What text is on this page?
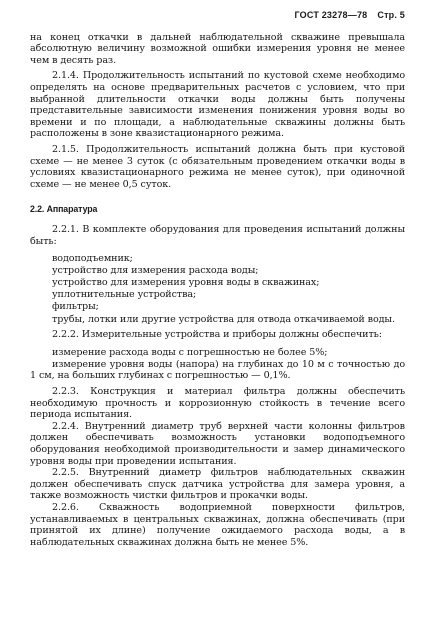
ГОСТ 23278—78 Стр. 5

на конец откачки в дальней наблюдательной скважине превышала абсолютную величину возможной ошибки измерения уровня не менее чем в десять раз.

2.1.4. Продолжительность испытаний по кустовой схеме необходимо определять на основе предварительных расчетов с условием, что при выбранной длительности откачки воды должны быть получены представительные зависимости изменения понижения уровня воды во времени и по площади, а наблюдательные скважины должны быть расположены в зоне квазистационарного режима.

2.1.5. Продолжительность испытаний должна быть при кустовой схеме — не менее 3 суток (с обязательным проведением откачки воды в условиях квазистационарного режима не менее суток), при одиночной схеме — не менее 0,5 суток.

2.2. Аппаратура

2.2.1. В комплекте оборудования для проведения испытаний должны быть:

водоподъемник;
устройство для измерения расхода воды;
устройство для измерения уровня воды в скважинах;
уплотнительные устройства;
фильтры;
трубы, лотки или другие устройства для отвода откачиваемой воды.

2.2.2. Измерительные устройства и приборы должны обеспечить:

измерение расхода воды с погрешностью не более 5%;
измерение уровня воды (напора) на глубинах до 10 м с точностью до 1 см, на больших глубинах с погрешностью — 0,1%.

2.2.3. Конструкция и материал фильтра должны обеспечить необходимую прочность и коррозионную стойкость в течение всего периода испытания.

2.2.4. Внутренний диаметр труб верхней части колонны фильтров должен обеспечивать возможность установки водоподъемного оборудования необходимой производительности и замер динамического уровня воды при проведении испытания.

2.2.5. Внутренний диаметр фильтров наблюдательных скважин должен обеспечивать спуск датчика устройства для замера уровня, а также возможность чистки фильтров и прокачки воды.

2.2.6. Скважность водоприемной поверхности фильтров, устанавливаемых в центральных скважинах, должна обеспечивать (при принятой их длине) получение ожидаемого расхода воды, а в наблюдательных скважинах должна быть не менее 5%.
